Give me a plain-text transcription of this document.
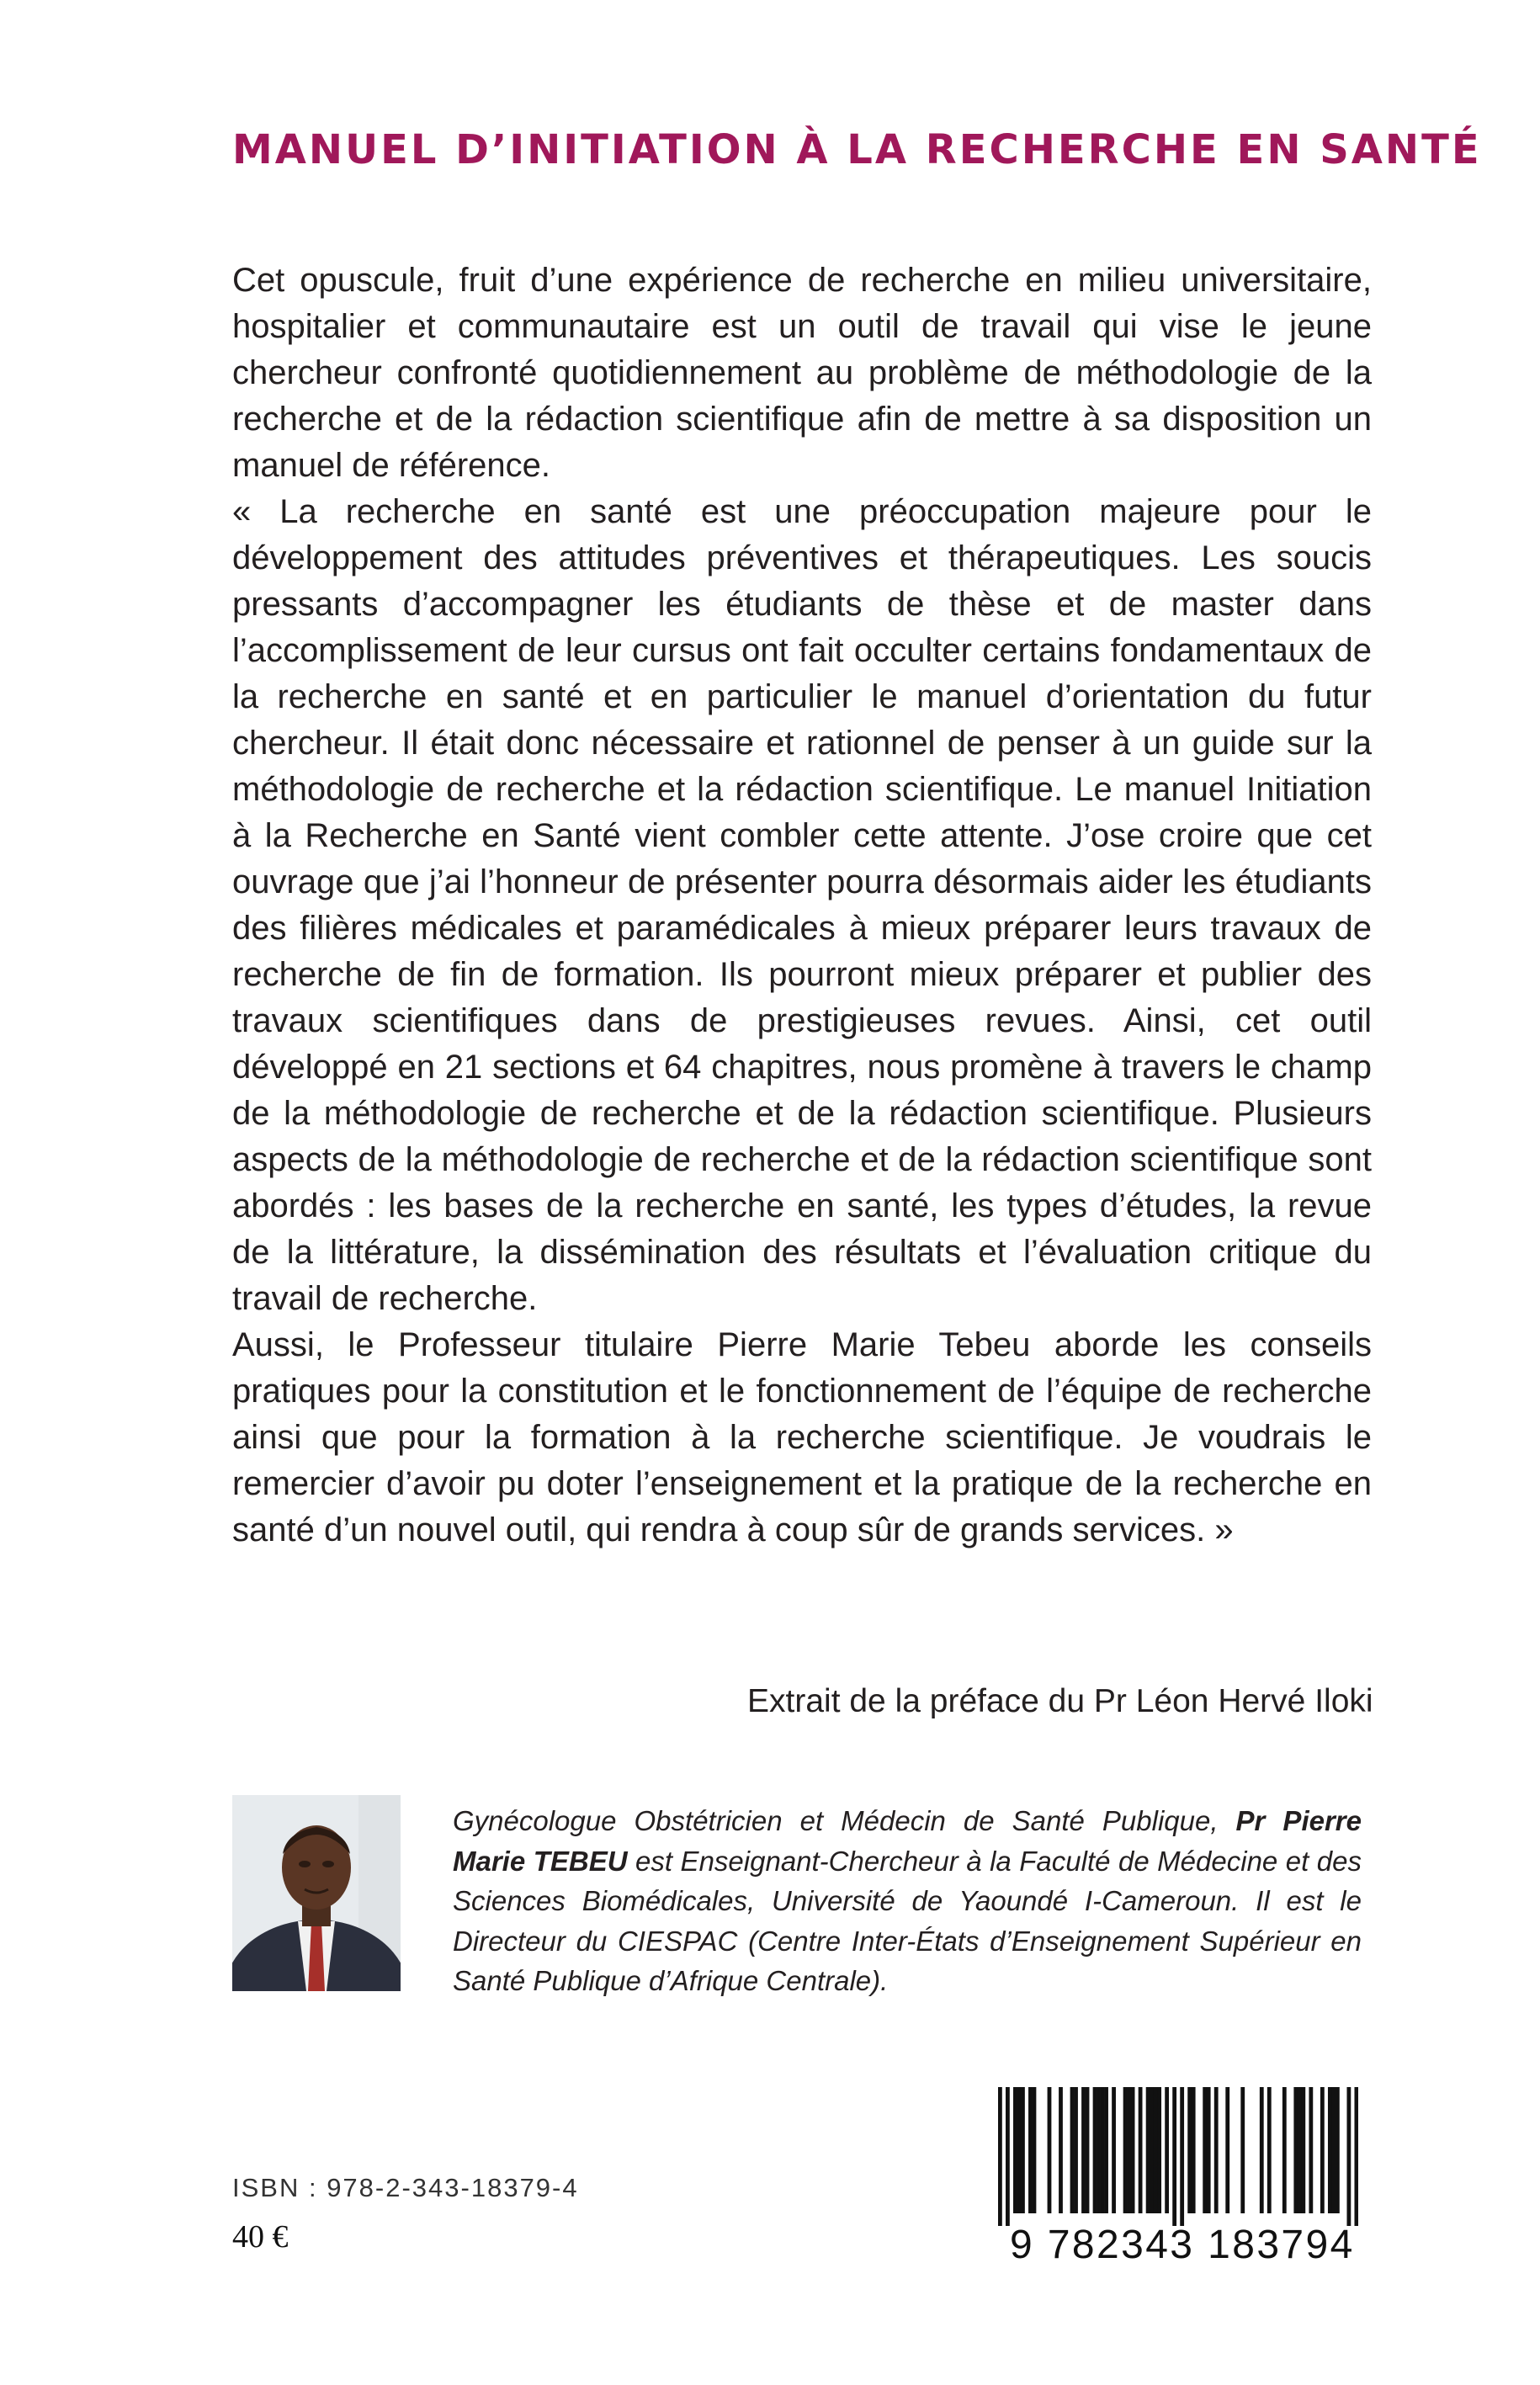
MANUEL D’INITIATION À LA RECHERCHE EN SANTÉ

Cet opuscule, fruit d’une expérience de recherche en milieu universitaire, hospitalier et communautaire est un outil de travail qui vise le jeune chercheur confronté quotidiennement au problème de méthodologie de la recherche et de la rédaction scientifique afin de mettre à sa disposition un manuel de référence.

« La recherche en santé est une préoccupation majeure pour le développement des attitudes préventives et thérapeutiques. Les soucis pressants d’accompagner les étudiants de thèse et de master dans l’accomplissement de leur cursus ont fait occulter certains fondamentaux de la recherche en santé et en particulier le manuel d’orientation du futur chercheur. Il était donc nécessaire et rationnel de penser à un guide sur la méthodologie de recherche et la rédaction scientifique. Le manuel Initiation à la Recherche en Santé vient combler cette attente. J’ose croire que cet ouvrage que j’ai l’honneur de présenter pourra désormais aider les étudiants des filières médicales et paramédicales à mieux préparer leurs travaux de recherche de fin de formation. Ils pourront mieux préparer et publier des travaux scientifiques dans de prestigieuses revues. Ainsi, cet outil développé en 21 sections et 64 chapitres, nous promène à travers le champ de la méthodologie de recherche et de la rédaction scientifique. Plusieurs aspects de la méthodologie de recherche et de la rédaction scientifique sont abordés : les bases de la recherche en santé, les types d’études, la revue de la littérature, la dissémination des résultats et l’évaluation critique du travail de recherche.

Aussi, le Professeur titulaire Pierre Marie Tebeu aborde les conseils pratiques pour la constitution et le fonctionnement de l’équipe de recherche ainsi que pour la formation à la recherche scientifique. Je voudrais le remercier d’avoir pu doter l’enseignement et la pratique de la recherche en santé d’un nouvel outil, qui rendra à coup sûr de grands services. »

Extrait de la préface du Pr Léon Hervé Iloki

Gynécologue Obstétricien et Médecin de Santé Publique, Pr Pierre Marie TEBEU est Enseignant-Chercheur à la Faculté de Médecine et des Sciences Biomédicales, Université de Yaoundé I-Cameroun. Il est le Directeur du CIESPAC (Centre Inter-États d’Enseignement Supérieur en Santé Publique d’Afrique Centrale).

ISBN : 978-2-343-18379-4
40 €	9 782343 183794
